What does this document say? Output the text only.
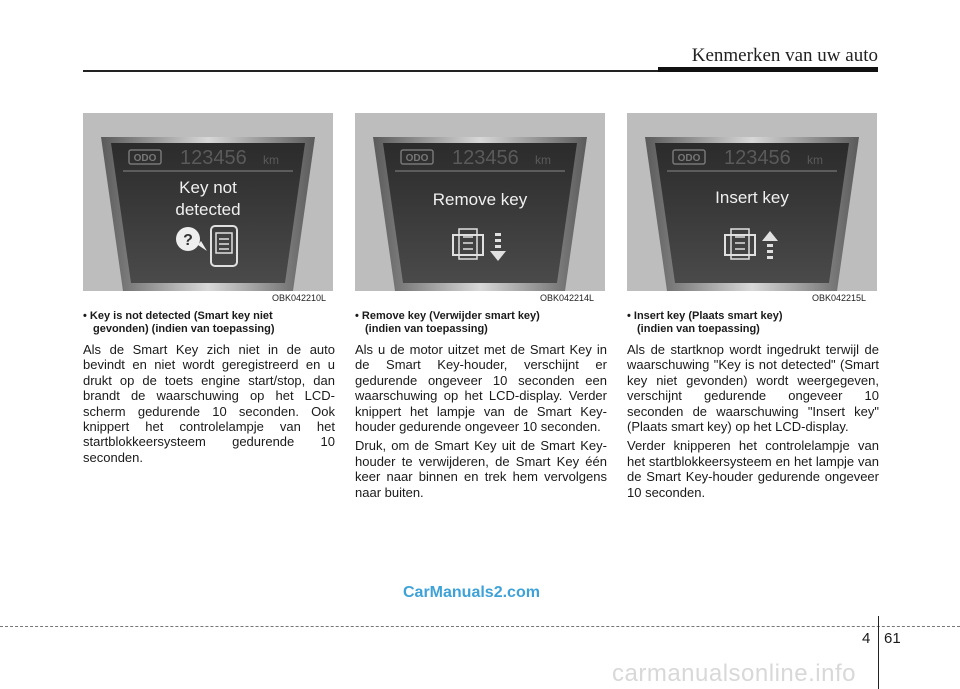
Kenmerken van uw auto
ODO 123456 km
Key not
detected
?
OBK042210L
ODO 123456 km
Remove key
OBK042214L
ODO 123456 km
Insert key
OBK042215L
• Key is not detected (Smart key niet
gevonden) (indien van toepassing)

Als de Smart Key zich niet in de auto bevindt en niet wordt geregistreerd en u drukt op de toets engine start/stop, dan brandt de waarschuwing op het LCD-scherm gedurende 10 seconden. Ook knippert het controlelampje van het startblokkeersysteem gedurende 10 seconden.

• Remove key (Verwijder smart key)
(indien van toepassing)

Als u de motor uitzet met de Smart Key in de Smart Key-houder, verschijnt er gedurende ongeveer 10 seconden een waarschuwing op het LCD-display. Verder knippert het lampje van de Smart Key-houder gedurende ongeveer 10 seconden.

Druk, om de Smart Key uit de Smart Key-houder te verwijderen, de Smart Key één keer naar binnen en trek hem vervolgens naar buiten.

• Insert key (Plaats smart key)
(indien van toepassing)

Als de startknop wordt ingedrukt terwijl de waarschuwing "Key is not detected" (Smart key niet gevonden) wordt weergegeven, verschijnt gedurende ongeveer 10 seconden de waarschuwing "Insert key" (Plaats smart key) op het LCD-display.

Verder knipperen het controlelampje van het startblokkeersysteem en het lampje van de Smart Key-houder gedurende ongeveer 10 seconden.

CarManuals2.com
4 61
carmanualsonline.info
